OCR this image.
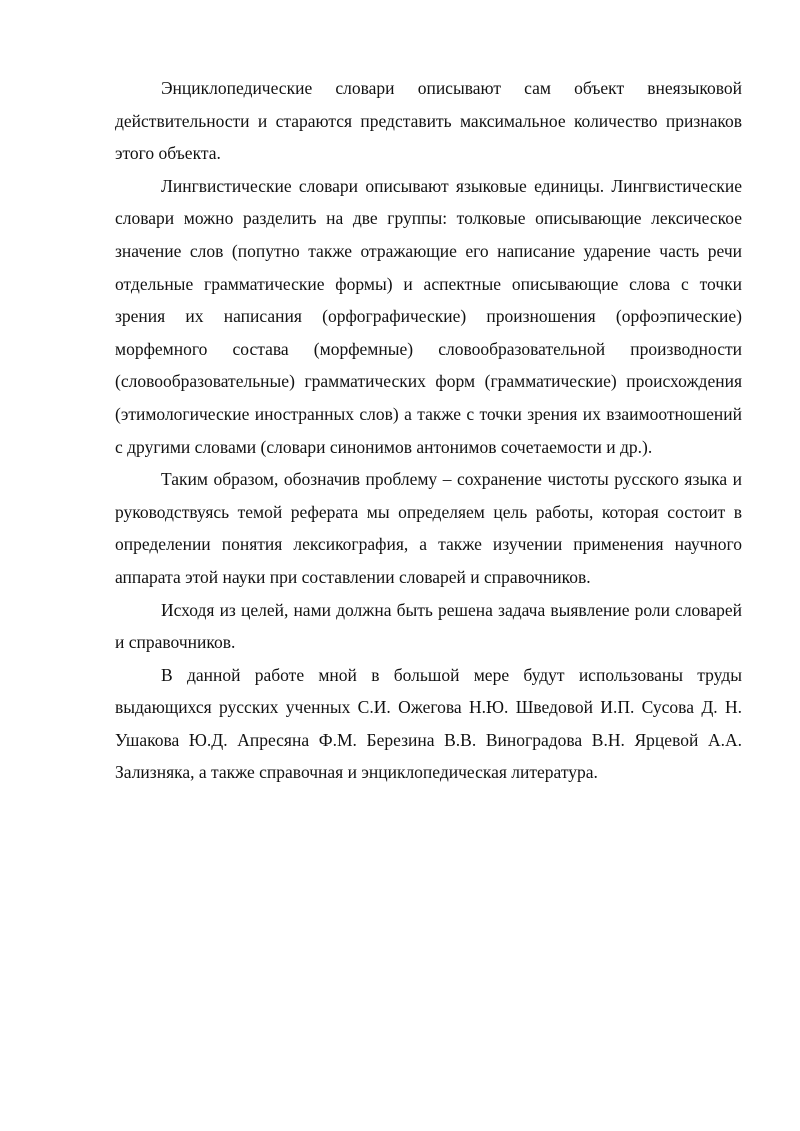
Энциклопедические словари описывают сам объект внеязыковой действительности и стараются представить максимальное количество признаков этого объекта.

Лингвистические словари описывают языковые единицы. Лингвистические словари можно разделить на две группы: толковые описывающие лексическое значение слов (попутно также отражающие его написание ударение часть речи отдельные грамматические формы) и аспектные описывающие слова с точки зрения их написания (орфографические) произношения (орфоэпические) морфемного состава (морфемные) словообразовательной производности (словообразовательные) грамматических форм (грамматические) происхождения (этимологические иностранных слов) а также с точки зрения их взаимоотношений с другими словами (словари синонимов антонимов сочетаемости и др.).

Таким образом, обозначив проблему – сохранение чистоты русского языка и руководствуясь темой реферата мы определяем цель работы, которая состоит в определении понятия лексикография, а также изучении применения научного аппарата этой науки при составлении словарей и справочников.

Исходя из целей, нами должна быть решена задача выявление роли словарей и справочников.

В данной работе мной в большой мере будут использованы труды выдающихся русских ученных С.И. Ожегова Н.Ю. Шведовой И.П. Сусова Д. Н. Ушакова Ю.Д. Апресяна Ф.М. Березина В.В. Виноградова В.Н. Ярцевой А.А. Зализняка, а также справочная и энциклопедическая литература.
